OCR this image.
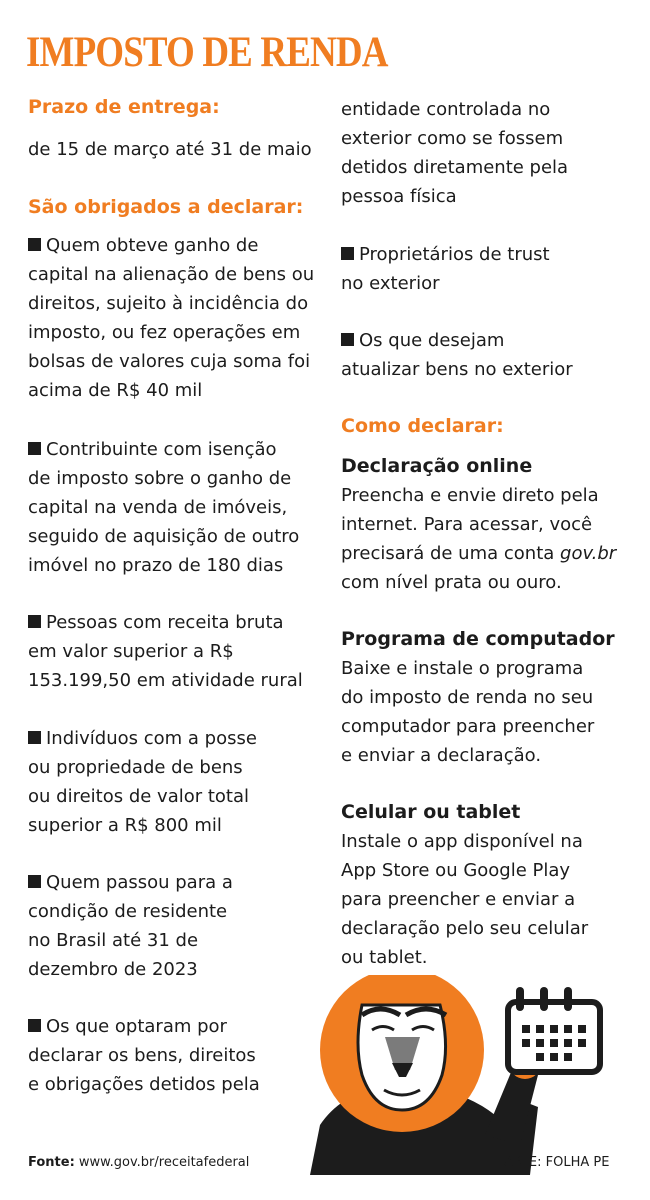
IMPOSTO DE RENDA
Prazo de entrega:
de 15 de março até 31 de maio
São obrigados a declarar:
Quem obteve ganho de
capital na alienação de bens ou
direitos, sujeito à incidência do
imposto, ou fez operações em
bolsas de valores cuja soma foi
acima de R$ 40 mil
Contribuinte com isenção
de imposto sobre o ganho de
capital na venda de imóveis,
seguido de aquisição de outro
imóvel no prazo de 180 dias
Pessoas com receita bruta
em valor superior a R$
153.199,50 em atividade rural
Indivíduos com a posse
ou propriedade de bens
ou direitos de valor total
superior a R$ 800 mil
Quem passou para a
condição de residente
no Brasil até 31 de
dezembro de 2023
Os que optaram por
declarar os bens, direitos
e obrigações detidos pela
entidade controlada no
exterior como se fossem
detidos diretamente pela
pessoa física
Proprietários de trust
no exterior
Os que desejam
atualizar bens no exterior
Como declarar:
Declaração online
Preencha e envie direto pela
internet. Para acessar, você
precisará de uma conta gov.br
com nível prata ou ouro.
Programa de computador
Baixe e instale o programa
do imposto de renda no seu
computador para preencher
e enviar a declaração.
Celular ou tablet
Instale o app disponível na
App Store ou Google Play
para preencher e enviar a
declaração pelo seu celular
ou tablet.
Fonte: www.gov.br/receitafederal	ARTE: FOLHA PE
